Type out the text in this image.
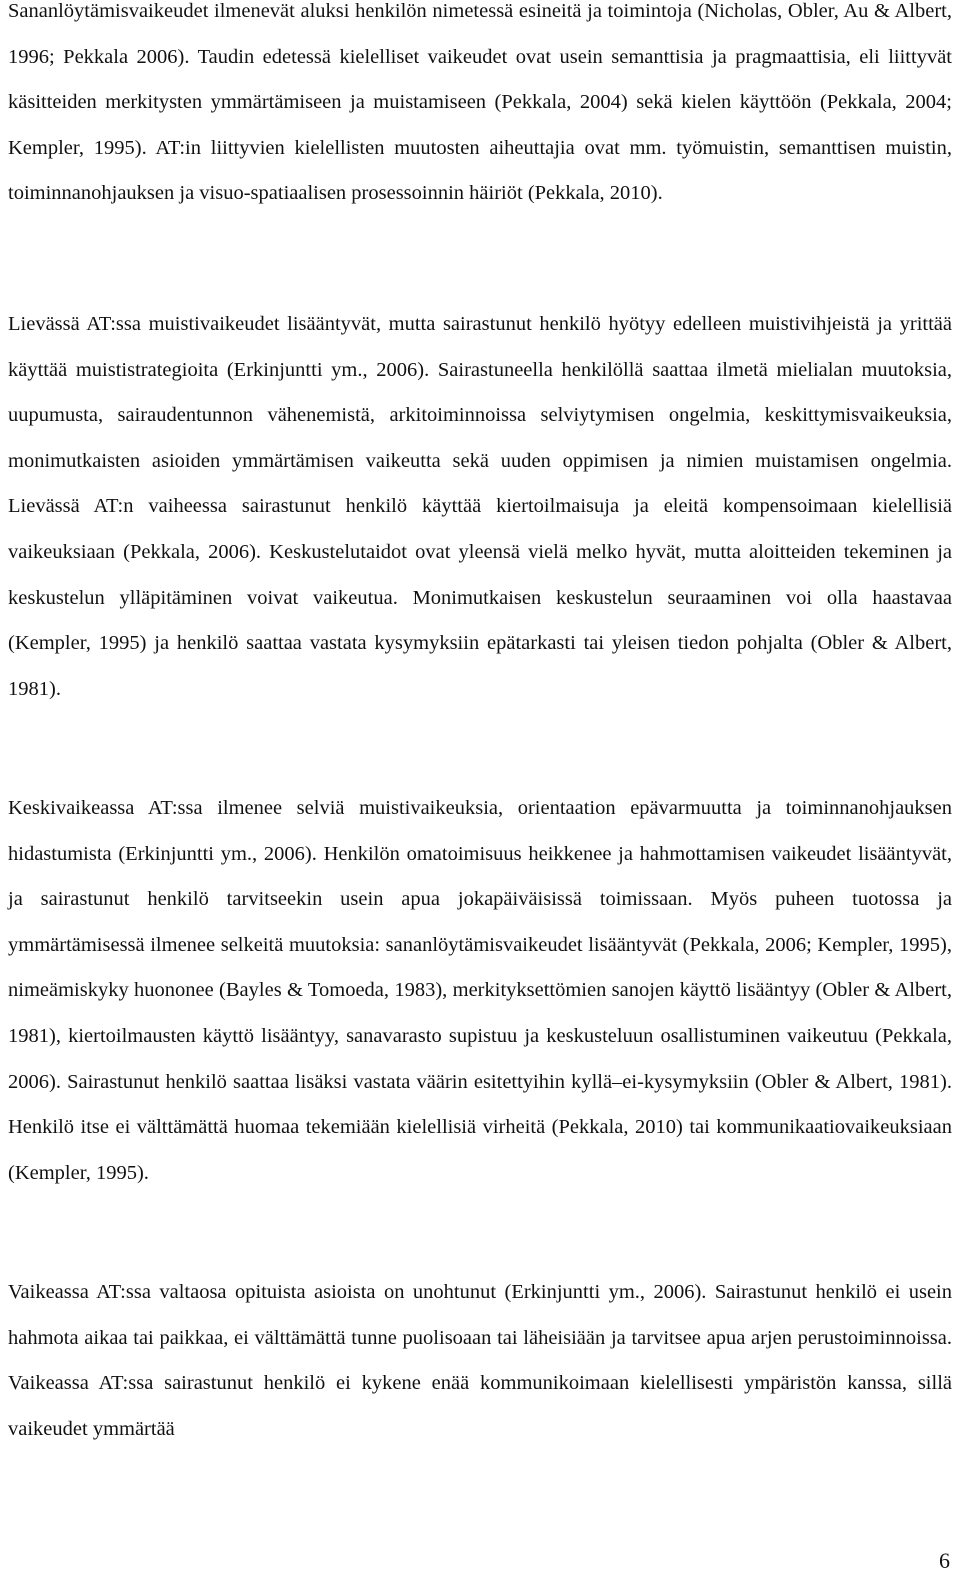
Sananlöytämisvaikeudet ilmenevät aluksi henkilön nimetessä esineitä ja toimintoja (Nicholas, Obler, Au & Albert, 1996; Pekkala 2006). Taudin edetessä kielelliset vaikeudet ovat usein semanttisia ja pragmaattisia, eli liittyvät käsitteiden merkitysten ymmärtämiseen ja muistamiseen (Pekkala, 2004) sekä kielen käyttöön (Pekkala, 2004; Kempler, 1995). AT:in liittyvien kielellisten muutosten aiheuttajia ovat mm. työmuistin, semanttisen muistin, toiminnanohjauksen ja visuo-spatiaalisen prosessoinnin häiriöt (Pekkala, 2010).

Lievässä AT:ssa muistivaikeudet lisääntyvät, mutta sairastunut henkilö hyötyy edelleen muistivihjeistä ja yrittää käyttää muististrategioita (Erkinjuntti ym., 2006). Sairastuneella henkilöllä saattaa ilmetä mielialan muutoksia, uupumusta, sairaudentunnon vähenemistä, arkitoiminnoissa selviytymisen ongelmia, keskittymisvaikeuksia, monimutkaisten asioiden ymmärtämisen vaikeutta sekä uuden oppimisen ja nimien muistamisen ongelmia. Lievässä AT:n vaiheessa sairastunut henkilö käyttää kiertoilmaisuja ja eleitä kompensoimaan kielellisiä vaikeuksiaan (Pekkala, 2006). Keskustelutaidot ovat yleensä vielä melko hyvät, mutta aloitteiden tekeminen ja keskustelun ylläpitäminen voivat vaikeutua. Monimutkaisen keskustelun seuraaminen voi olla haastavaa (Kempler, 1995) ja henkilö saattaa vastata kysymyksiin epätarkasti tai yleisen tiedon pohjalta (Obler & Albert, 1981).

Keskivaikeassa AT:ssa ilmenee selviä muistivaikeuksia, orientaation epävarmuutta ja toiminnanohjauksen hidastumista (Erkinjuntti ym., 2006). Henkilön omatoimisuus heikkenee ja hahmottamisen vaikeudet lisääntyvät, ja sairastunut henkilö tarvitseekin usein apua jokapäiväisissä toimissaan. Myös puheen tuotossa ja ymmärtämisessä ilmenee selkeitä muutoksia: sananlöytämisvaikeudet lisääntyvät (Pekkala, 2006; Kempler, 1995), nimeämiskyky huononee (Bayles & Tomoeda, 1983), merkityksettömien sanojen käyttö lisääntyy (Obler & Albert, 1981), kiertoilmausten käyttö lisääntyy, sanavarasto supistuu ja keskusteluun osallistuminen vaikeutuu (Pekkala, 2006). Sairastunut henkilö saattaa lisäksi vastata väärin esitettyihin kyllä–ei-kysymyksiin (Obler & Albert, 1981). Henkilö itse ei välttämättä huomaa tekemiään kielellisiä virheitä (Pekkala, 2010) tai kommunikaatiovaikeuksiaan (Kempler, 1995).

Vaikeassa AT:ssa valtaosa opituista asioista on unohtunut (Erkinjuntti ym., 2006). Sairastunut henkilö ei usein hahmota aikaa tai paikkaa, ei välttämättä tunne puolisoaan tai läheisiään ja tarvitsee apua arjen perustoiminnoissa. Vaikeassa AT:ssa sairastunut henkilö ei kykene enää kommunikoimaan kielellisesti ympäristön kanssa, sillä vaikeudet ymmärtää

6
